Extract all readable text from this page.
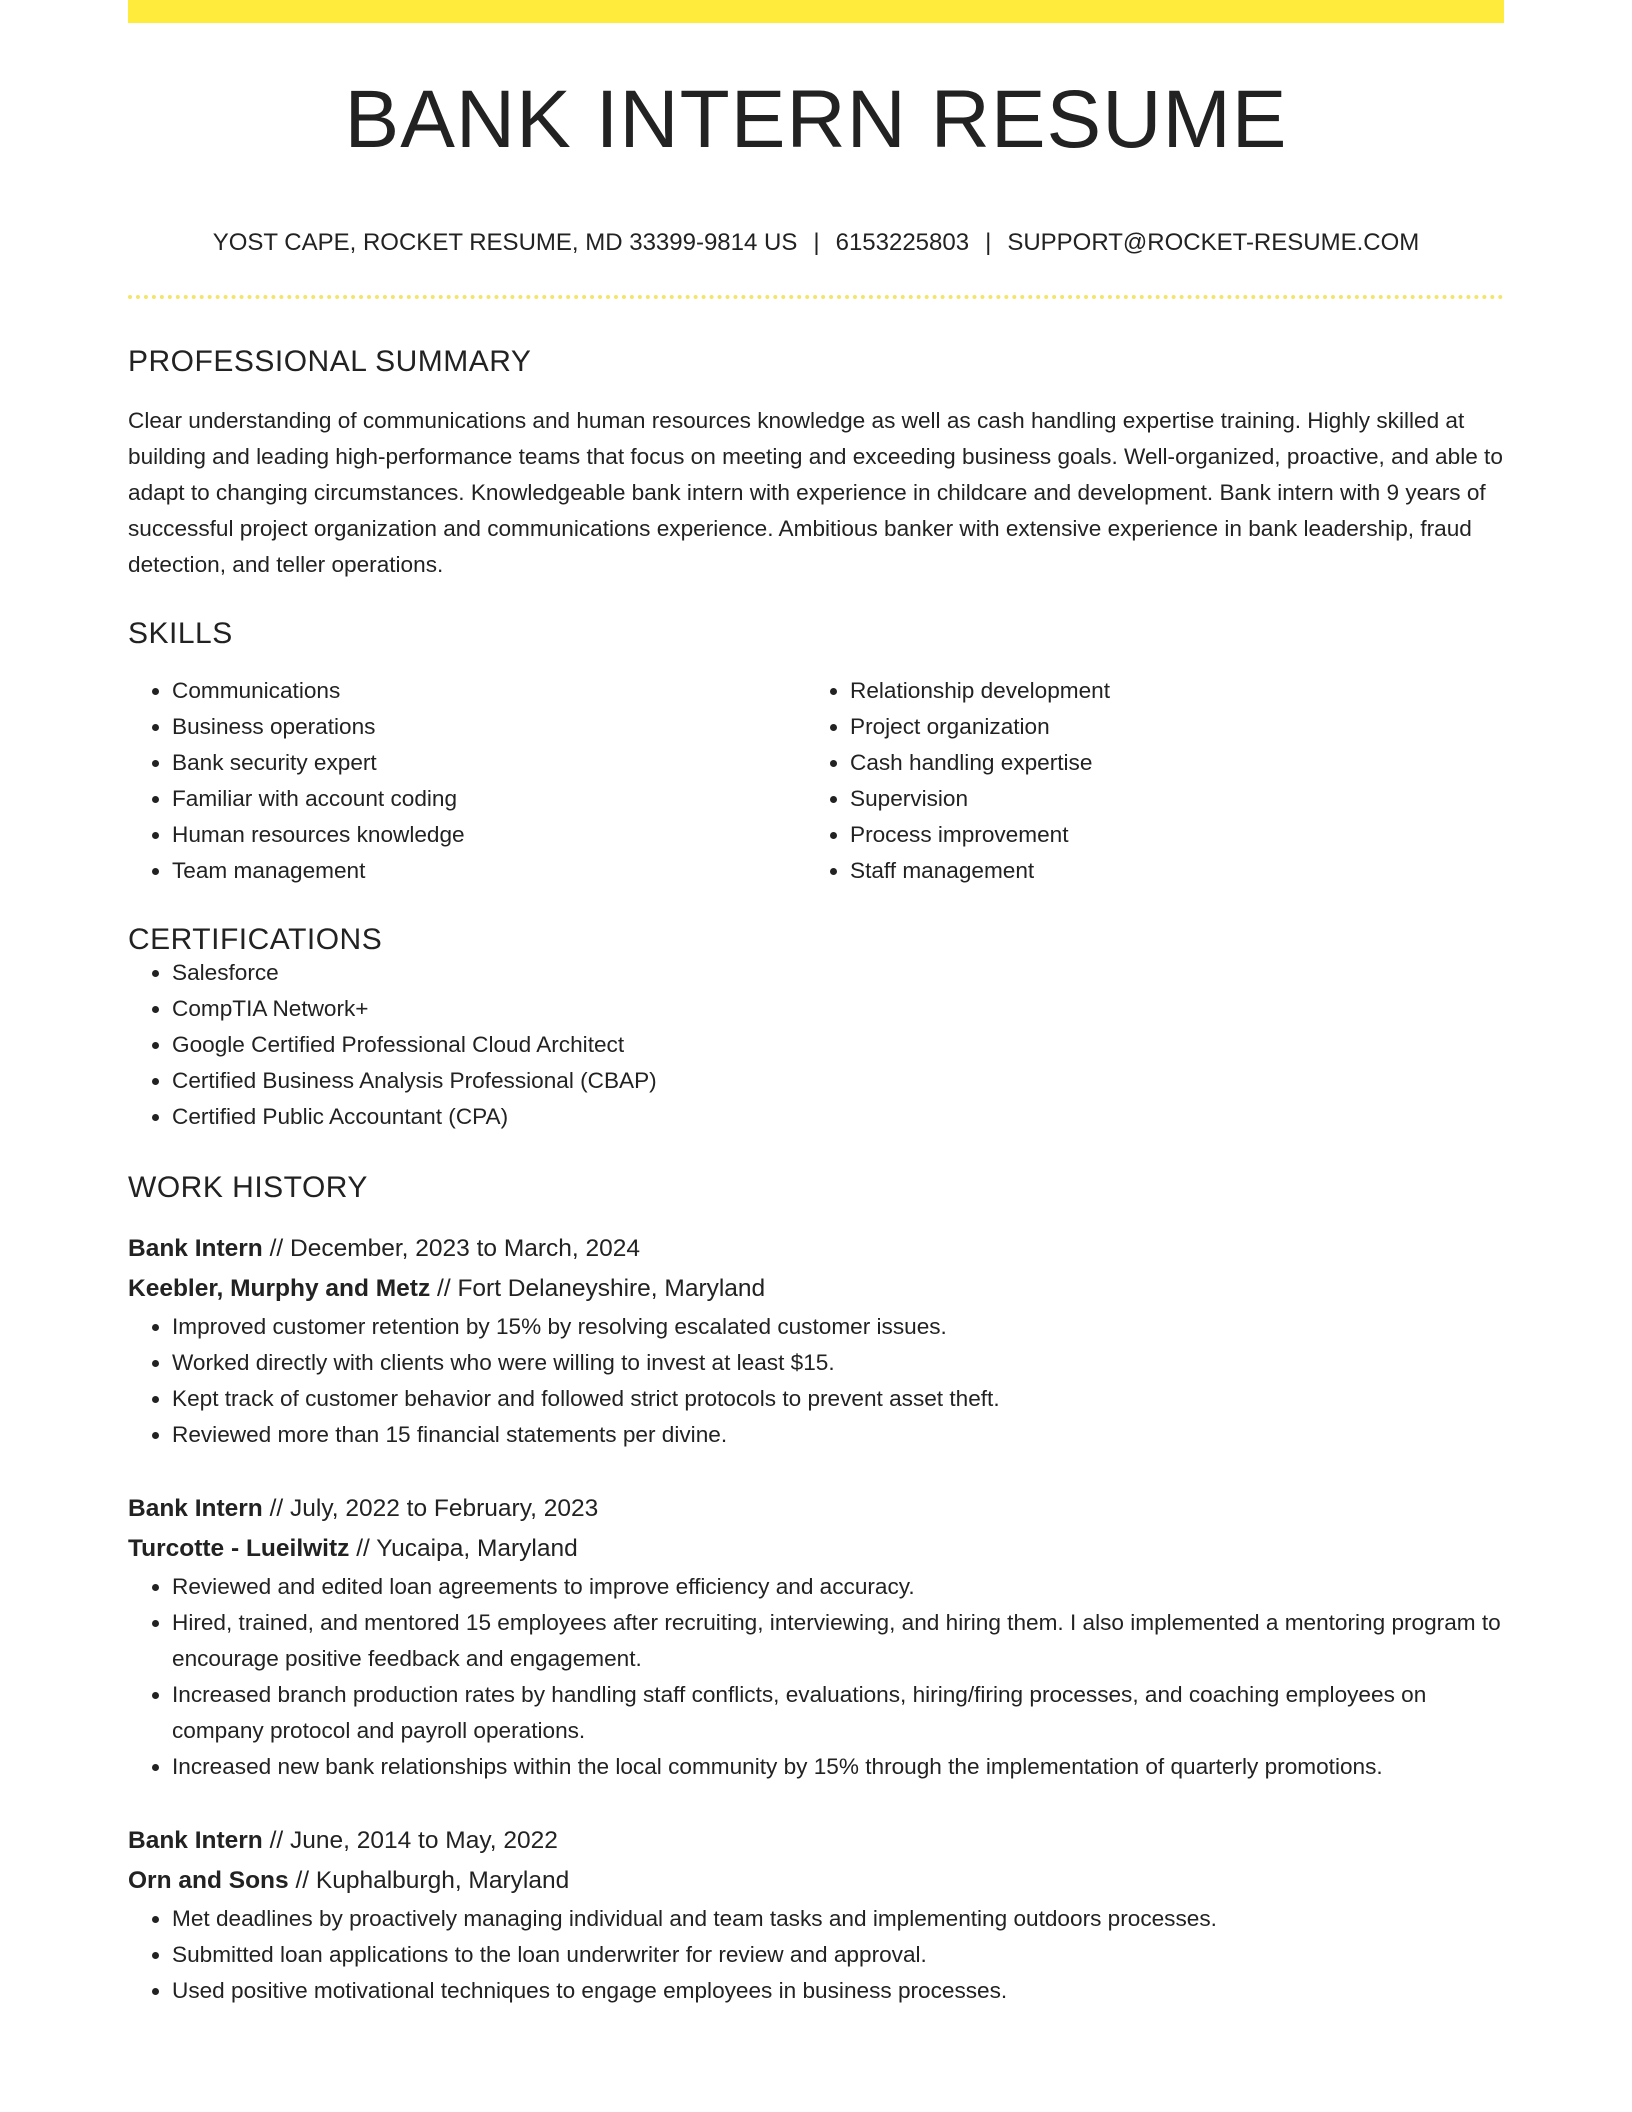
BANK INTERN RESUME
YOST CAPE, ROCKET RESUME, MD 33399-9814 US | 6153225803 | SUPPORT@ROCKET-RESUME.COM
PROFESSIONAL SUMMARY
Clear understanding of communications and human resources knowledge as well as cash handling expertise training. Highly skilled at building and leading high-performance teams that focus on meeting and exceeding business goals. Well-organized, proactive, and able to adapt to changing circumstances. Knowledgeable bank intern with experience in childcare and development. Bank intern with 9 years of successful project organization and communications experience. Ambitious banker with extensive experience in bank leadership, fraud detection, and teller operations.
SKILLS
• Communications
• Business operations
• Bank security expert
• Familiar with account coding
• Human resources knowledge
• Team management
• Relationship development
• Project organization
• Cash handling expertise
• Supervision
• Process improvement
• Staff management
CERTIFICATIONS
• Salesforce
• CompTIA Network+
• Google Certified Professional Cloud Architect
• Certified Business Analysis Professional (CBAP)
• Certified Public Accountant (CPA)
WORK HISTORY
Bank Intern // December, 2023 to March, 2024
Keebler, Murphy and Metz // Fort Delaneyshire, Maryland
• Improved customer retention by 15% by resolving escalated customer issues.
• Worked directly with clients who were willing to invest at least $15.
• Kept track of customer behavior and followed strict protocols to prevent asset theft.
• Reviewed more than 15 financial statements per divine.
Bank Intern // July, 2022 to February, 2023
Turcotte - Lueilwitz // Yucaipa, Maryland
• Reviewed and edited loan agreements to improve efficiency and accuracy.
• Hired, trained, and mentored 15 employees after recruiting, interviewing, and hiring them. I also implemented a mentoring program to encourage positive feedback and engagement.
• Increased branch production rates by handling staff conflicts, evaluations, hiring/firing processes, and coaching employees on company protocol and payroll operations.
• Increased new bank relationships within the local community by 15% through the implementation of quarterly promotions.
Bank Intern // June, 2014 to May, 2022
Orn and Sons // Kuphalburgh, Maryland
• Met deadlines by proactively managing individual and team tasks and implementing outdoors processes.
• Submitted loan applications to the loan underwriter for review and approval.
• Used positive motivational techniques to engage employees in business processes.
